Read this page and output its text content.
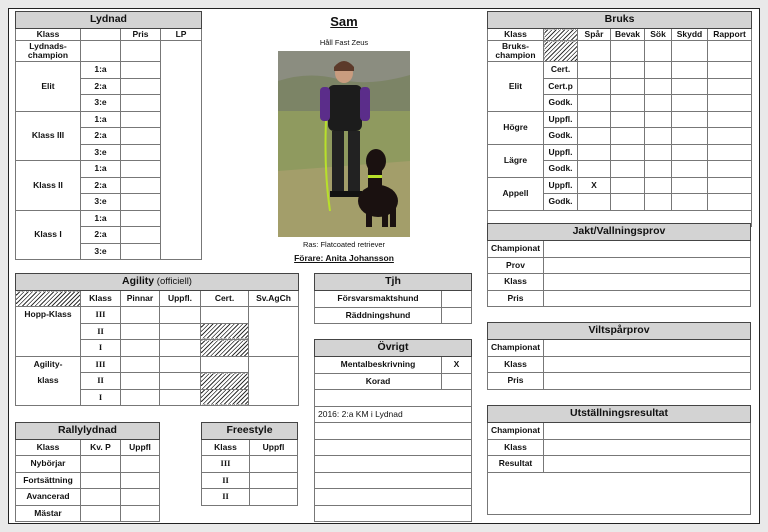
Lydnad			
Klass		Pris	LP
Lydnads-
champion			
Elit	1:a		
	2:a		
	3:e		
Klass III	1:a		
	2:a		
	3:e		
Klass II	1:a		
	2:a		
	3:e		
Klass I	1:a		
	2:a		
	3:e		
Sam
Håll Fast Zeus
Ras: Flatcoated retriever
Förare: Anita Johansson
Bruks						
Klass		Spår	Bevak	Sök	Skydd	Rapport
Bruks-
champion						
Elit	Cert.					
	Cert.p					
	Godk.					
Högre	Uppfl.					
	Godk.					
Lägre	Uppfl.					
	Godk.					
Appell	Uppfl.	X				
	Godk.					

Jakt/Vallningsprov	
Championat	
Prov	
Klass	
Pris	
Viltspårprov	
Championat	
Klass	
Pris	
Utställningsresultat	
Championat	
Klass	
Resultat	

Agility (officiell)					
	Klass	Pinnar	Uppfl.	Cert.	Sv.AgCh
Hopp-Klass	III				
	II				
	I				
Agility-	III				
klass	II				
	I				
Tjh	
Försvarsmaktshund	
Räddningshund	
Övrigt	
Mentalbeskrivning	X
Korad	

2016: 2:a KM i Lydnad	

Rallylydnad		
Klass	Kv. P	Uppfl
Nybörjar		
Fortsättning		
Avancerad		
Mästar		
Freestyle	
Klass	Uppfl
III	
II	
II	
